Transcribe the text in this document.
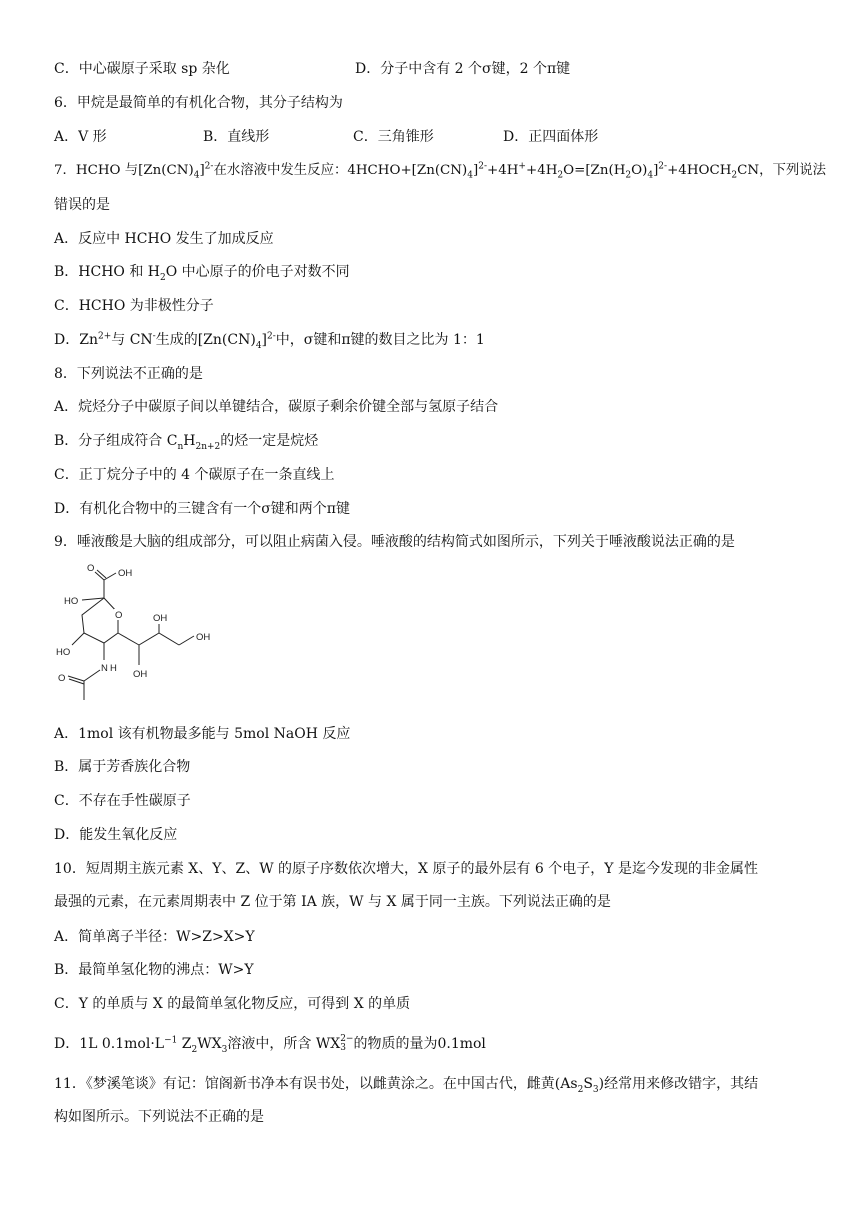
C．中心碳原子采取 sp 杂化	D．分子中含有 2 个σ键，2 个π键
6．甲烷是最简单的有机化合物，其分子结构为
A．V 形	B．直线形	C．三角锥形	D．正四面体形
7．HCHO 与$[Zn(CN)_4]^{2-}$在水溶液中发生反应：$4HCHO+[Zn(CN)_4]^{2-}+4H^++4H_2O=[Zn(H_2O)_4]^{2-}+4HOCH_2CN$，下列说法
错误的是
A．反应中 HCHO 发生了加成反应
B．HCHO 和 $H_2O$ 中心原子的价电子对数不同
C．HCHO 为非极性分子
D．$Zn^{2+}$与 CN-生成的$[Zn(CN)_4]^{2-}$中，σ键和π键的数目之比为 1：1
8．下列说法不正确的是
A．烷烃分子中碳原子间以单键结合，碳原子剩余价键全部与氢原子结合
B．分子组成符合 $C_nH_{2n+2}$的烃一定是烷烃
C．正丁烷分子中的 4 个碳原子在一条直线上
D．有机化合物中的三键含有一个σ键和两个π键
9．唾液酸是大脑的组成部分，可以阻止病菌入侵。唾液酸的结构简式如图所示，下列关于唾液酸说法正确的是
O OH
HO
O	OH
OH
OH
HO
N H
O
A．1mol 该有机物最多能与 5mol NaOH 反应
B．属于芳香族化合物
C．不存在手性碳原子
D．能发生氧化反应
10．短周期主族元素 X、Y、Z、W 的原子序数依次增大，X 原子的最外层有 6 个电子，Y 是迄今发现的非金属性
最强的元素，在元素周期表中 Z 位于第 IA 族，W 与 X 属于同一主族。下列说法正确的是
A．简单离子半径：W>Z>X>Y
B．最简单氢化物的沸点：W>Y
C．Y 的单质与 X 的最简单氢化物反应，可得到 X 的单质
D．1L $0.1mol\cdot L^{-1}$ $Z_2WX_3$溶液中，所含 WX 2−
3 的物质的量为0.1mol
11．《梦溪笔谈》有记：馆阁新书净本有误书处，以雌黄涂之。在中国古代，雌黄$(As_2S_3)$经常用来修改错字，其结
构如图所示。下列说法不正确的是
